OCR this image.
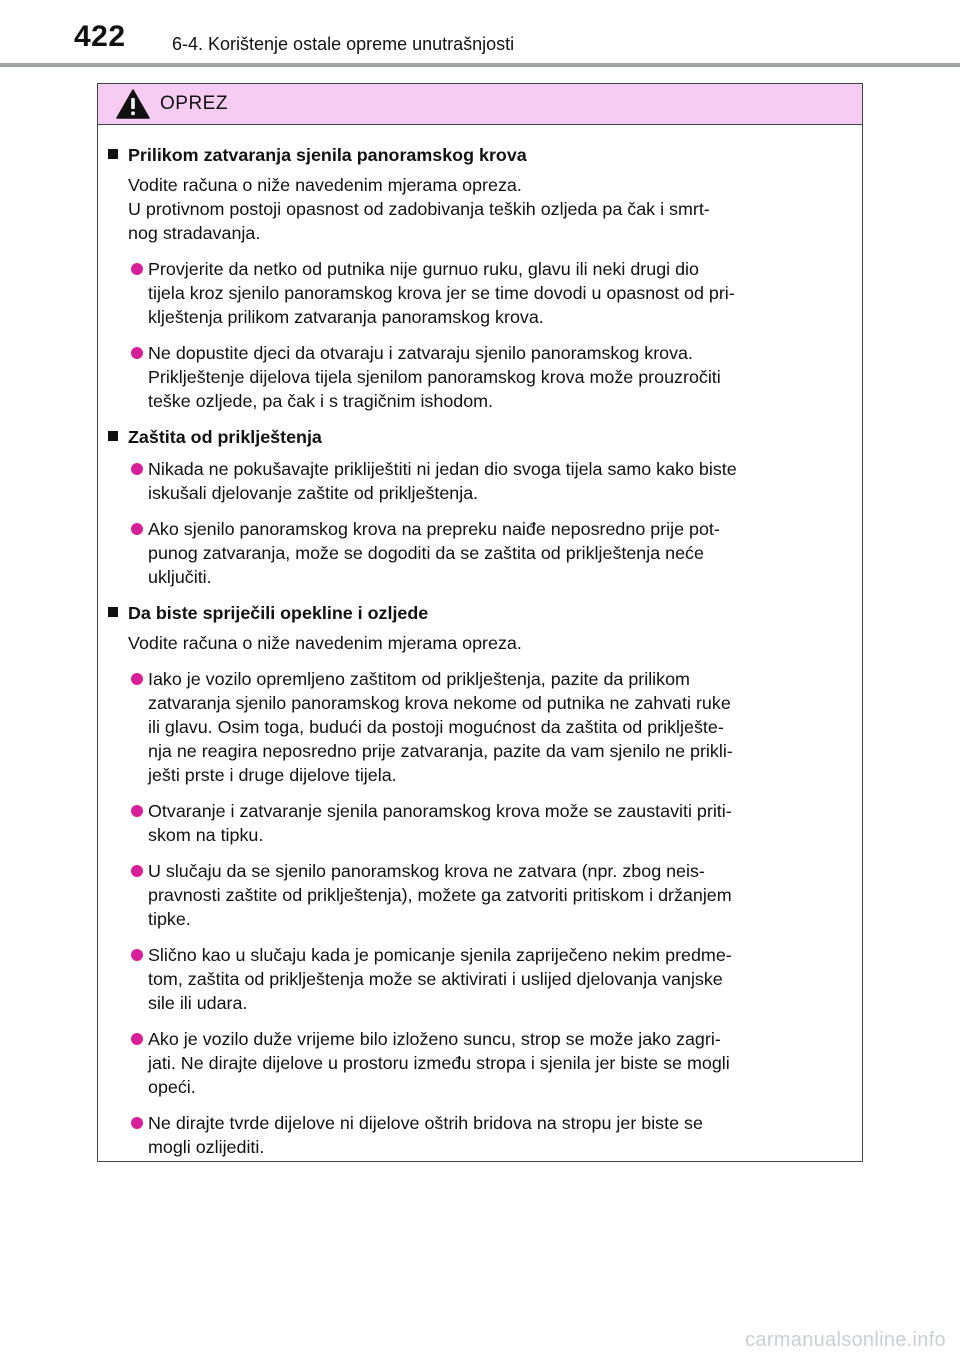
422	6-4. Korištenje ostale opreme unutrašnjosti
OPREZ
Prilikom zatvaranja sjenila panoramskog krova
Vodite računa o niže navedenim mjerama opreza.
U protivnom postoji opasnost od zadobivanja teških ozljeda pa čak i smrt-
nog stradavanja.
Provjerite da netko od putnika nije gurnuo ruku, glavu ili neki drugi dio
tijela kroz sjenilo panoramskog krova jer se time dovodi u opasnost od pri-
klještenja prilikom zatvaranja panoramskog krova.
Ne dopustite djeci da otvaraju i zatvaraju sjenilo panoramskog krova.
Priklještenje dijelova tijela sjenilom panoramskog krova može prouzročiti
teške ozljede, pa čak i s tragičnim ishodom.
Zaštita od priklještenja
Nikada ne pokušavajte prikliještiti ni jedan dio svoga tijela samo kako biste
iskušali djelovanje zaštite od priklještenja.
Ako sjenilo panoramskog krova na prepreku naiđe neposredno prije pot-
punog zatvaranja, može se dogoditi da se zaštita od priklještenja neće
uključiti.
Da biste spriječili opekline i ozljede
Vodite računa o niže navedenim mjerama opreza.
Iako je vozilo opremljeno zaštitom od priklještenja, pazite da prilikom
zatvaranja sjenilo panoramskog krova nekome od putnika ne zahvati ruke
ili glavu. Osim toga, budući da postoji mogućnost da zaštita od priklješte-
nja ne reagira neposredno prije zatvaranja, pazite da vam sjenilo ne prikli-
ješti prste i druge dijelove tijela.
Otvaranje i zatvaranje sjenila panoramskog krova može se zaustaviti priti-
skom na tipku.
U slučaju da se sjenilo panoramskog krova ne zatvara (npr. zbog neis-
pravnosti zaštite od priklještenja), možete ga zatvoriti pritiskom i držanjem
tipke.
Slično kao u slučaju kada je pomicanje sjenila zapriječeno nekim predme-
tom, zaštita od priklještenja može se aktivirati i uslijed djelovanja vanjske
sile ili udara.
Ako je vozilo duže vrijeme bilo izloženo suncu, strop se može jako zagri-
jati. Ne dirajte dijelove u prostoru između stropa i sjenila jer biste se mogli
opeći.
Ne dirajte tvrde dijelove ni dijelove oštrih bridova na stropu jer biste se
mogli ozlijediti.
carmanualsonline.info
